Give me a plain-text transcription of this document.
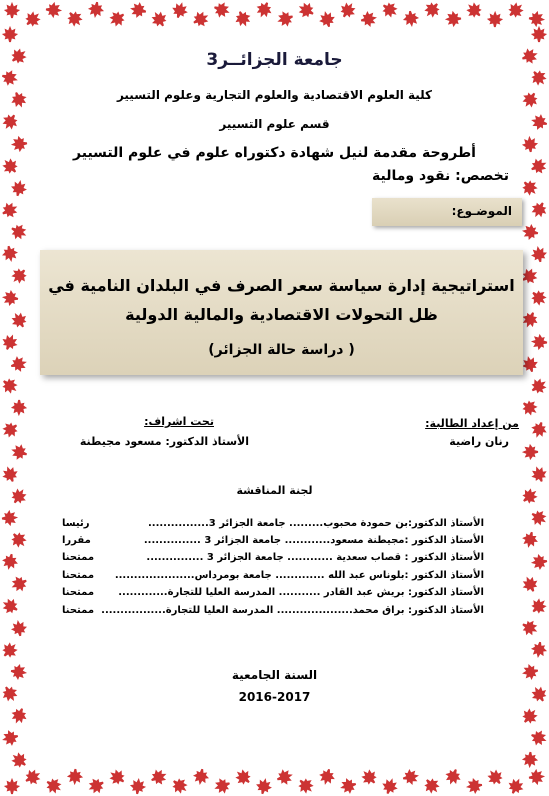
جامعة الجزائــر3
كلية العلوم الاقتصادية والعلوم التجارية وعلوم التسيير
قسم علوم التسيير
أطروحة مقدمة لنيل شهادة دكتوراه علوم في علوم التسيير
تخصص: نقود ومالية
الموضـوع:
استراتيجية إدارة سياسة سعر الصرف في البلدان النامية في
ظل التحولات الاقتصادية والمالية الدولية
( دراسة حالة الجزائر)
من إعداد الطالبة:
رنان راضية
تحت اشراف:
الأستاذ الدكتور: مسعود مجيطنة
لجنة المناقشة
الأستاذ الدكتور:بن حمودة محبوب......... جامعة الجزائر 3................
رئيسا
الأستاذ الدكتور :مجيطنة مسعود............ جامعة الجزائر 3 ...............
مقررا
الأستاذ الدكتور : قصاب سعدية ............ جامعة الجزائر 3 ...............
ممتحنا
الأستاذ الدكتور :بلوناس عبد الله ............. جامعة بومرداس.....................
ممتحنا
الأستاذ الدكتور: بريش عبد القادر ........... المدرسة العليا للتجارة.............
ممتحنا
الأستاذ الدكتور: براق محمد.................... المدرسة العليا للتجارة.................
ممتحنا
السنة الجامعية
2016-2017
